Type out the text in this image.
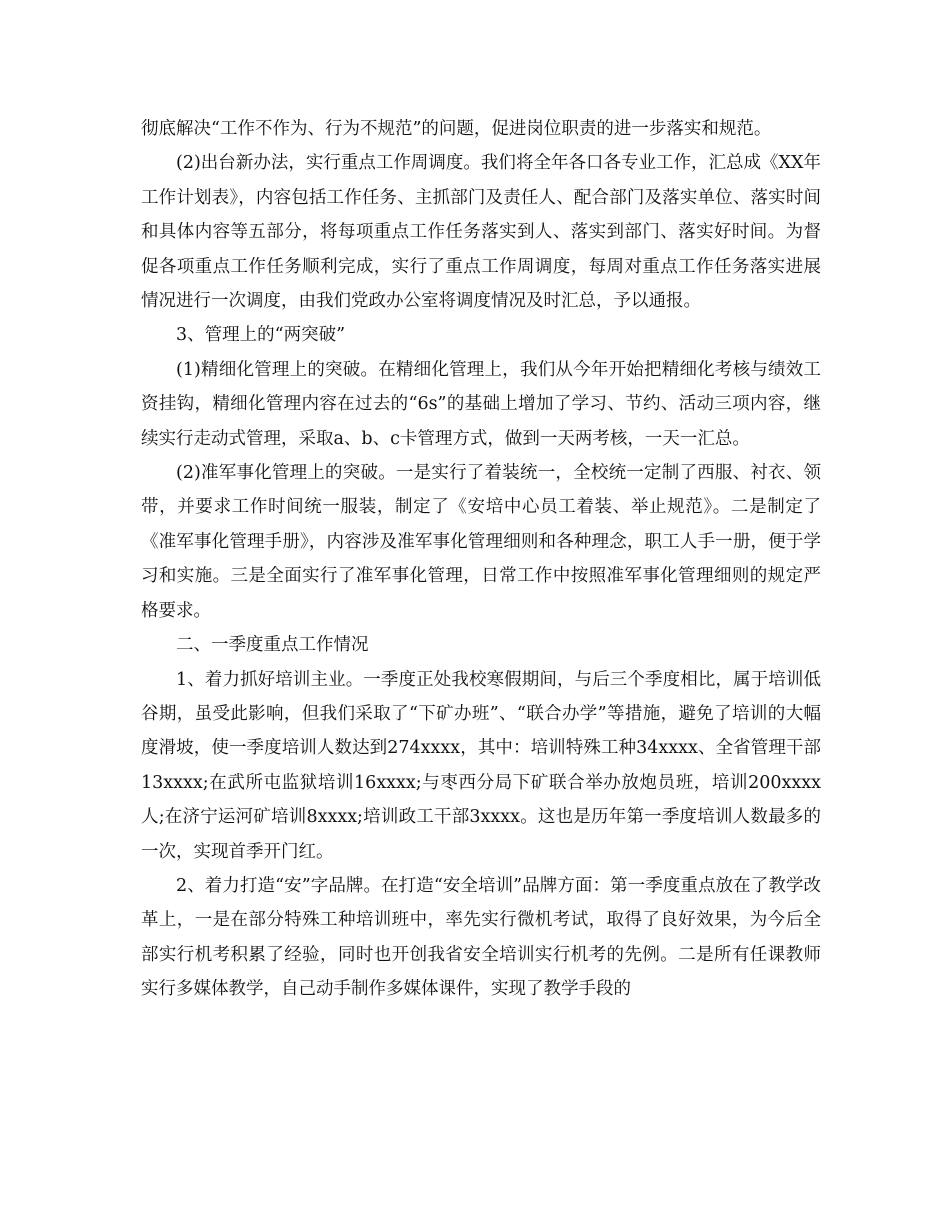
彻底解决“工作不作为、行为不规范”的问题，促进岗位职责的进一步落实和规范。

(2)出台新办法，实行重点工作周调度。我们将全年各口各专业工作，汇总成《XX年工作计划表》，内容包括工作任务、主抓部门及责任人、配合部门及落实单位、落实时间和具体内容等五部分，将每项重点工作任务落实到人、落实到部门、落实好时间。为督促各项重点工作任务顺利完成，实行了重点工作周调度，每周对重点工作任务落实进展情况进行一次调度，由我们党政办公室将调度情况及时汇总，予以通报。

3、管理上的“两突破”

(1)精细化管理上的突破。在精细化管理上，我们从今年开始把精细化考核与绩效工资挂钩，精细化管理内容在过去的“6s”的基础上增加了学习、节约、活动三项内容，继续实行走动式管理，采取a、b、c卡管理方式，做到一天两考核，一天一汇总。

(2)准军事化管理上的突破。一是实行了着装统一，全校统一定制了西服、衬衣、领带，并要求工作时间统一服装，制定了《安培中心员工着装、举止规范》。二是制定了《准军事化管理手册》，内容涉及准军事化管理细则和各种理念，职工人手一册，便于学习和实施。三是全面实行了准军事化管理，日常工作中按照准军事化管理细则的规定严格要求。

二、一季度重点工作情况

1、着力抓好培训主业。一季度正处我校寒假期间，与后三个季度相比，属于培训低谷期，虽受此影响，但我们采取了“下矿办班”、“联合办学”等措施，避免了培训的大幅度滑坡，使一季度培训人数达到274xxxx，其中：培训特殊工种34xxxx、全省管理干部13xxxx;在武所屯监狱培训16xxxx;与枣西分局下矿联合举办放炮员班，培训200xxxx人;在济宁运河矿培训8xxxx;培训政工干部3xxxx。这也是历年第一季度培训人数最多的一次，实现首季开门红。

2、着力打造“安”字品牌。在打造“安全培训”品牌方面：第一季度重点放在了教学改革上，一是在部分特殊工种培训班中，率先实行微机考试，取得了良好效果，为今后全部实行机考积累了经验，同时也开创我省安全培训实行机考的先例。二是所有任课教师实行多媒体教学，自己动手制作多媒体课件，实现了教学手段的
